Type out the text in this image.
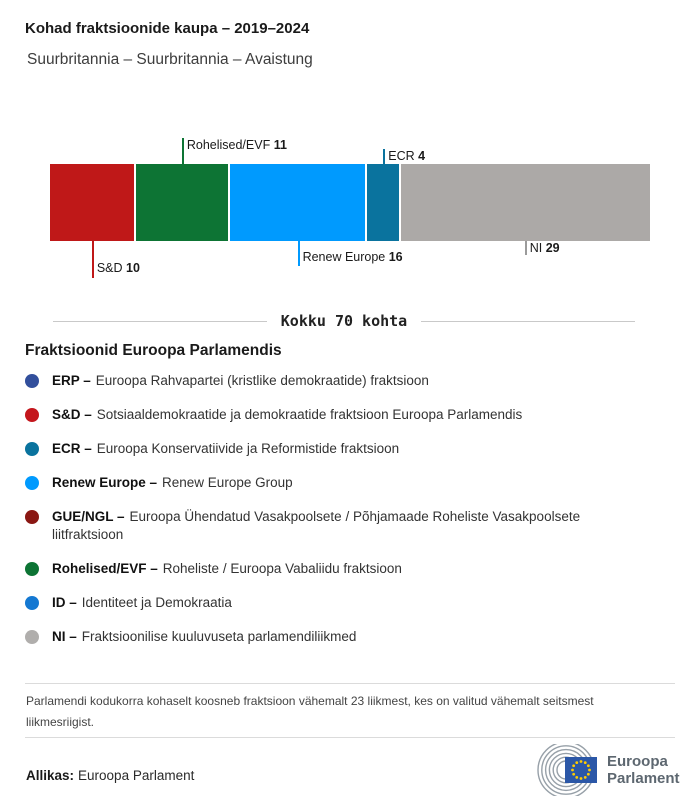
Kohad fraktsioonide kaupa – 2019–2024
Suurbritannia – Suurbritannia – Avaistung
S&D 10
Rohelised/EVF 11
Renew Europe 16
ECR 4
NI 29
Kokku 70 kohta
Fraktsioonid Euroopa Parlamendis
ERP – Euroopa Rahvapartei (kristlike demokraatide) fraktsioon
S&D – Sotsiaaldemokraatide ja demokraatide fraktsioon Euroopa Parlamendis
ECR – Euroopa Konservatiivide ja Reformistide fraktsioon
Renew Europe – Renew Europe Group
GUE/NGL – Euroopa Ühendatud Vasakpoolsete / Põhjamaade Roheliste Vasakpoolsete liitfraktsioon
Rohelised/EVF – Roheliste / Euroopa Vabaliidu fraktsioon
ID – Identiteet ja Demokraatia
NI – Fraktsioonilise kuuluvuseta parlamendiliikmed
Parlamendi kodukorra kohaselt koosneb fraktsioon vähemalt 23 liikmest, kes on valitud vähemalt seitsmest liikmesriigist.
Allikas: Euroopa Parlament
Euroopa
Parlament
